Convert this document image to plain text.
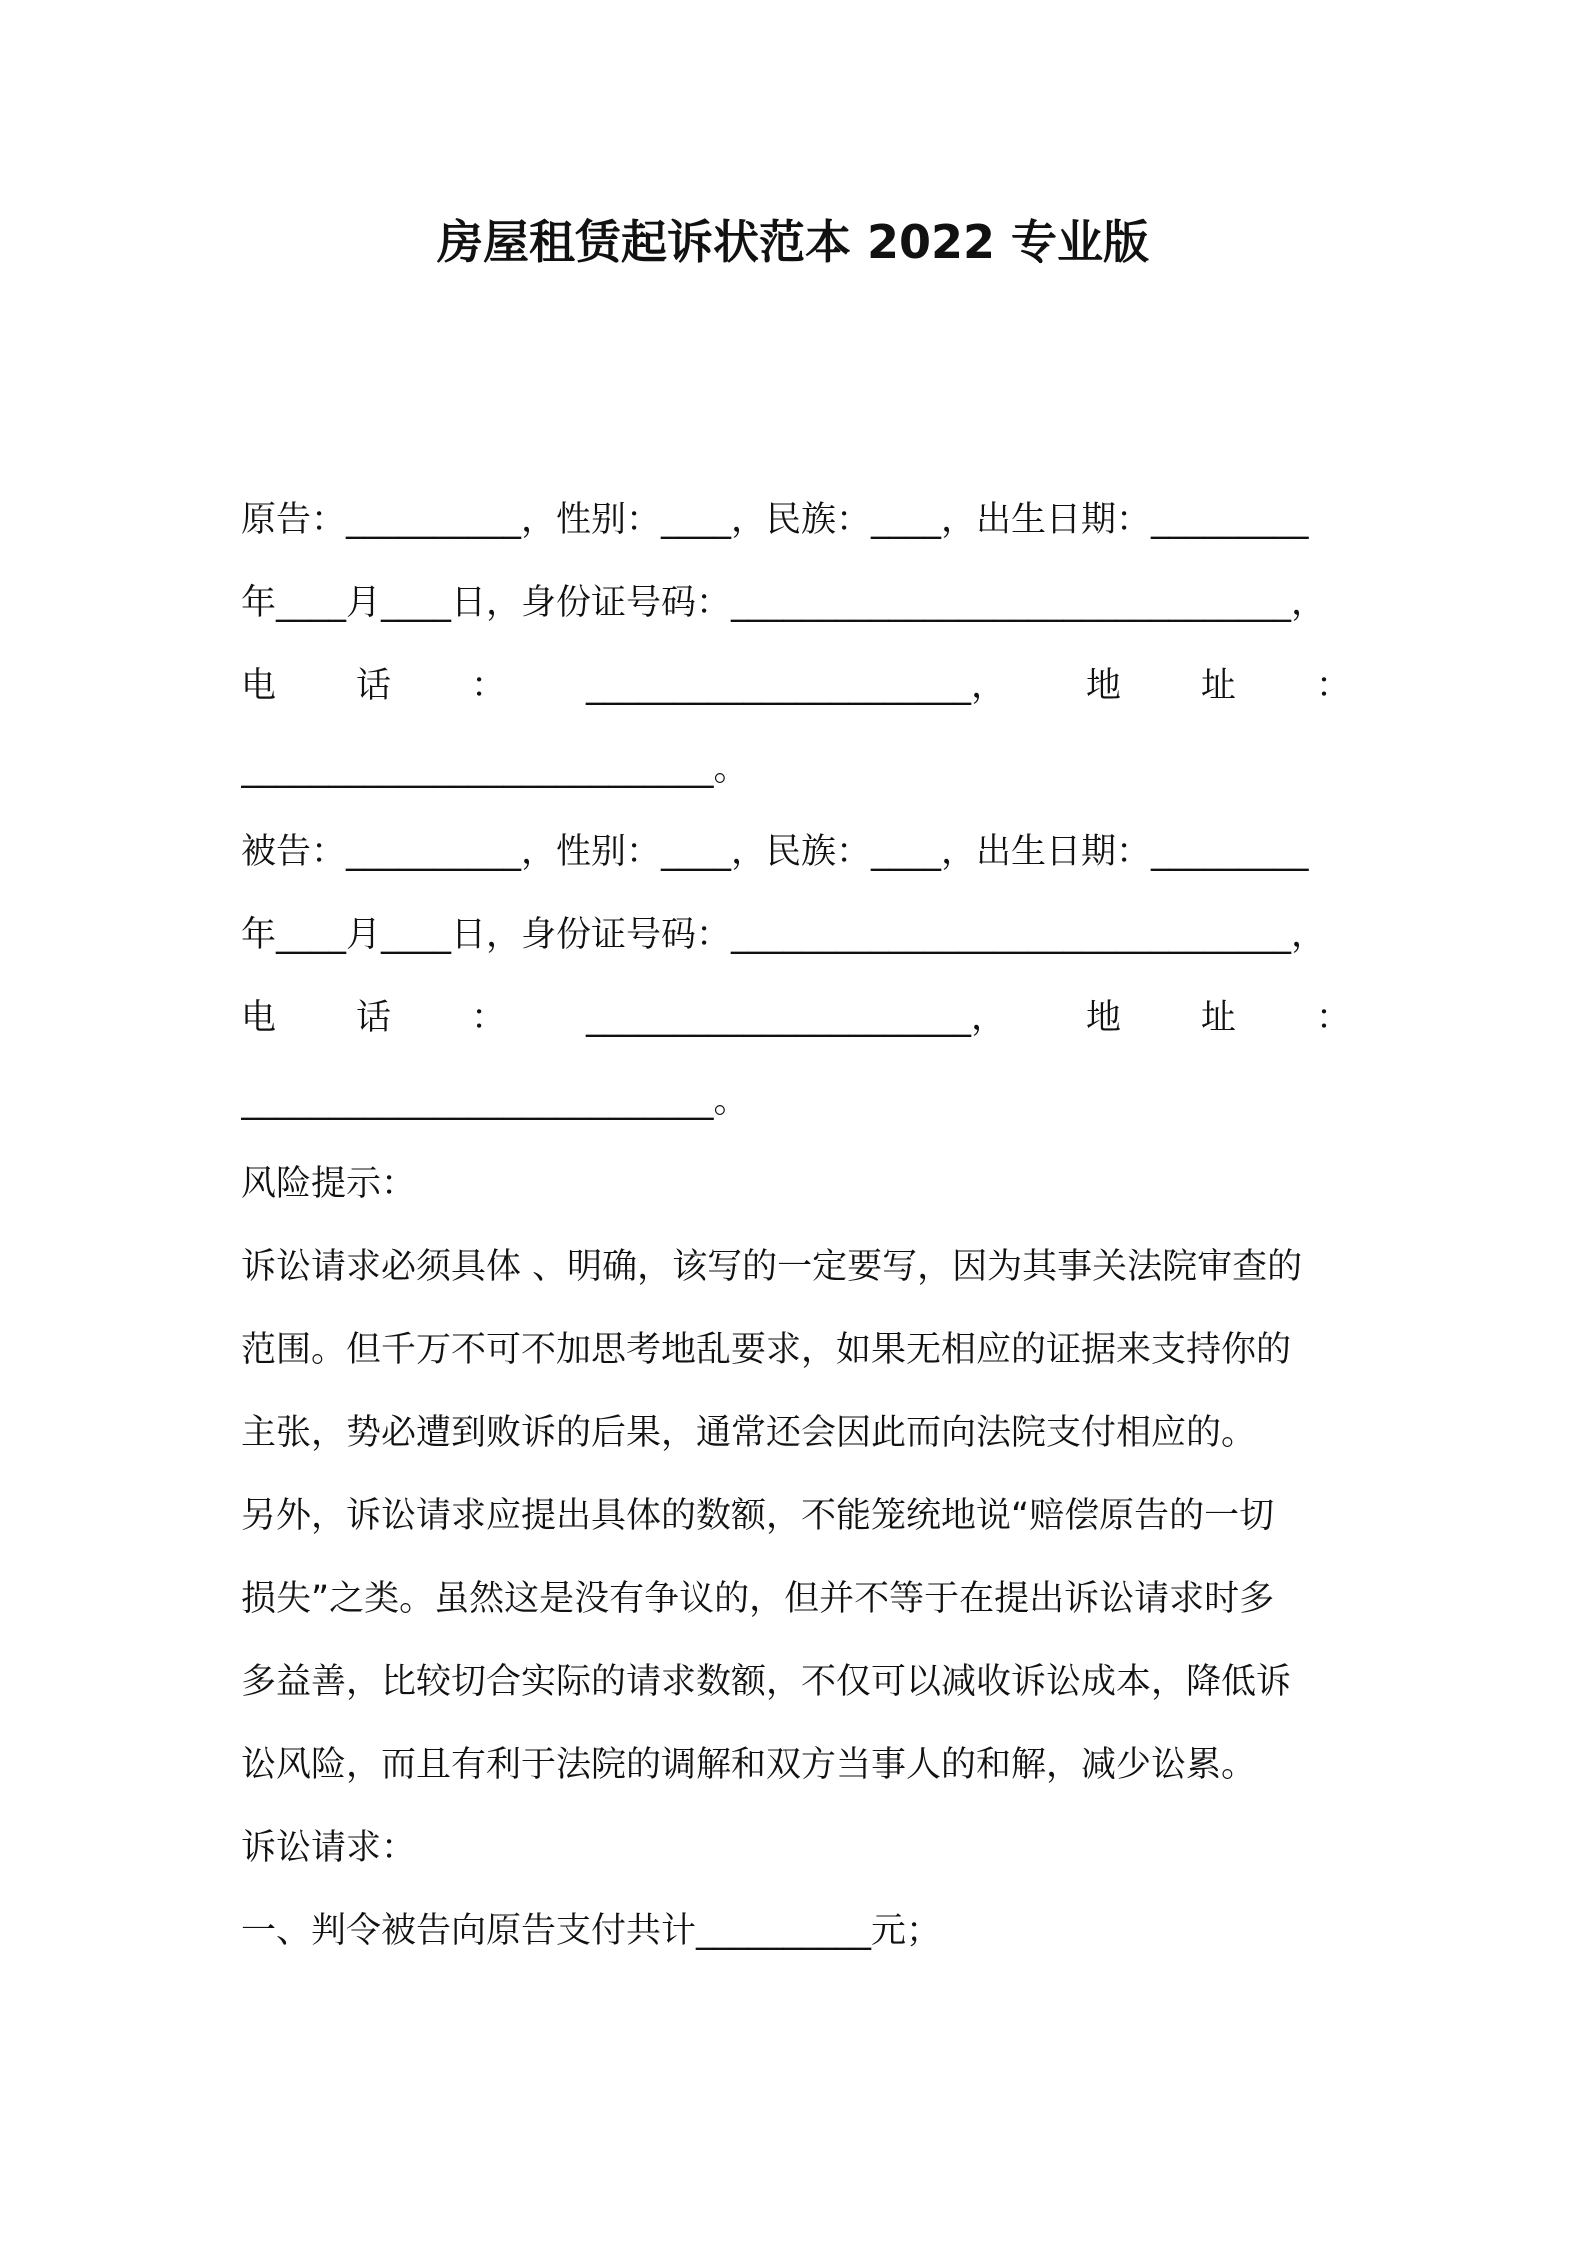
房屋租赁起诉状范本 2022 专业版
原告：__________，性别：____，民族：____，出生日期：_________
年____月____日，身份证号码：________________________________，
电 话 ： ______________________， 地 址 ：
___________________________。
被告：__________，性别：____，民族：____，出生日期：_________
年____月____日，身份证号码：________________________________，
电 话 ： ______________________， 地 址 ：
___________________________。
风险提示：
诉讼请求必须具体 、明确，该写的一定要写，因为其事关法院审查的
范围。但千万不可不加思考地乱要求，如果无相应的证据来支持你的
主张，势必遭到败诉的后果，通常还会因此而向法院支付相应的。
另外，诉讼请求应提出具体的数额，不能笼统地说“赔偿原告的一切
损失”之类。虽然这是没有争议的，但并不等于在提出诉讼请求时多
多益善，比较切合实际的请求数额，不仅可以减收诉讼成本，降低诉
讼风险，而且有利于法院的调解和双方当事人的和解，减少讼累。
诉讼请求：
一、判令被告向原告支付共计__________元；
